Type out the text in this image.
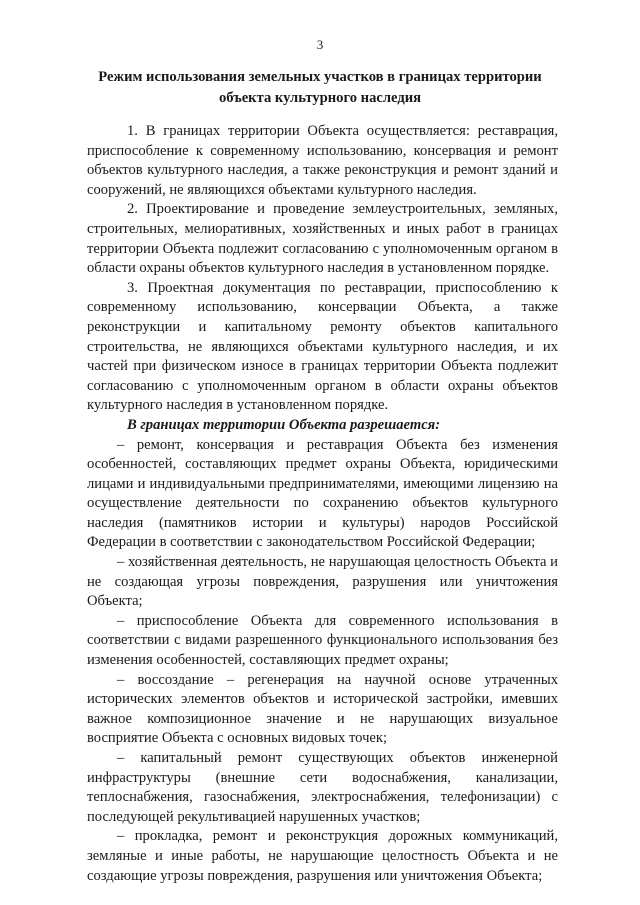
3
Режим использования земельных участков в границах территории
объекта культурного наследия

1. В границах территории Объекта осуществляется: реставрация, приспособление к современному использованию, консервация и ремонт объектов культурного наследия, а также реконструкция и ремонт зданий и сооружений, не являющихся объектами культурного наследия.

2. Проектирование и проведение землеустроительных, земляных, строительных, мелиоративных, хозяйственных и иных работ в границах территории Объекта подлежит согласованию с уполномоченным органом в области охраны объектов культурного наследия в установленном порядке.

3. Проектная документация по реставрации, приспособлению к современному использованию, консервации Объекта, а также реконструкции и капитальному ремонту объектов капитального строительства, не являющихся объектами культурного наследия, и их частей при физическом износе в границах территории Объекта подлежит согласованию с уполномоченным органом в области охраны объектов культурного наследия в установленном порядке.

В границах территории Объекта разрешается:

– ремонт, консервация и реставрация Объекта без изменения особенностей, составляющих предмет охраны Объекта, юридическими лицами и индивидуальными предпринимателями, имеющими лицензию на осуществление деятельности по сохранению объектов культурного наследия (памятников истории и культуры) народов Российской Федерации в соответствии с законодательством Российской Федерации;

– хозяйственная деятельность, не нарушающая целостность Объекта и не создающая угрозы повреждения, разрушения или уничтожения Объекта;

– приспособление Объекта для современного использования в соответствии с видами разрешенного функционального использования без изменения особенностей, составляющих предмет охраны;

– воссоздание – регенерация на научной основе утраченных исторических элементов объектов и исторической застройки, имевших важное композиционное значение и не нарушающих визуальное восприятие Объекта с основных видовых точек;

– капитальный ремонт существующих объектов инженерной инфраструктуры (внешние сети водоснабжения, канализации, теплоснабжения, газоснабжения, электроснабжения, телефонизации) с последующей рекультивацией нарушенных участков;

– прокладка, ремонт и реконструкция дорожных коммуникаций, земляные и иные работы, не нарушающие целостность Объекта и не создающие угрозы повреждения, разрушения или уничтожения Объекта;
